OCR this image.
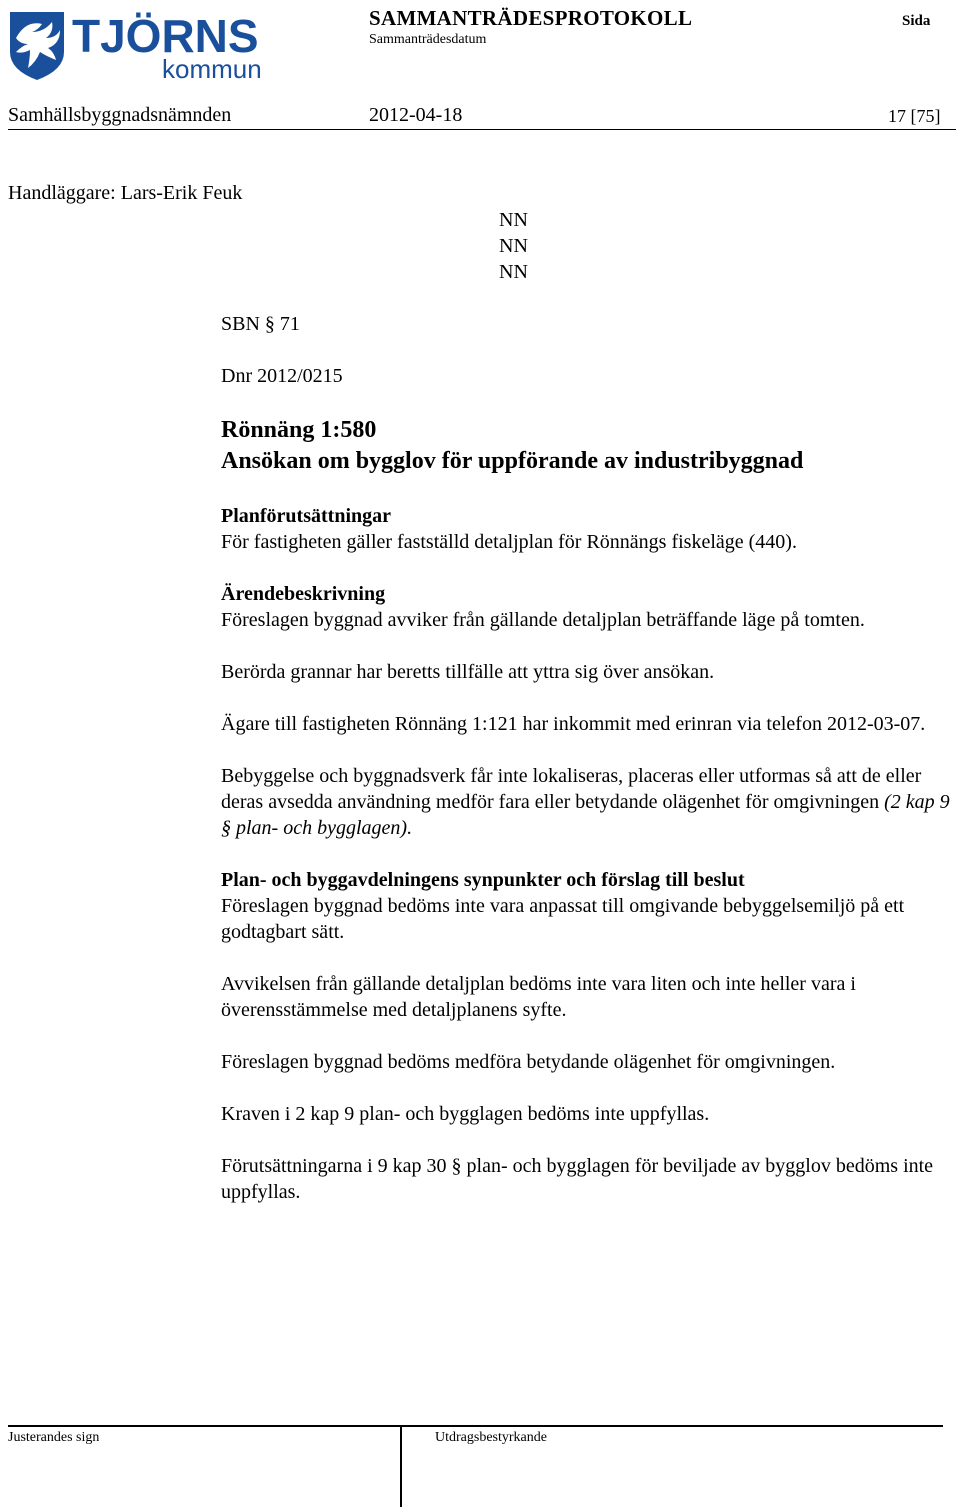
TJÖRNS
kommun
SAMMANTRÄDESPROTOKOLL
Sammanträdesdatum
Sida
Samhällsbyggnadsnämnden	2012-04-18	17 [75]
Handläggare: Lars-Erik Feuk
NN
NN
NN

SBN § 71

Dnr 2012/0215

Rönnäng 1:580

Ansökan om bygglov för uppförande av industribyggnad

Planförutsättningar

För fastigheten gäller fastställd detaljplan för Rönnängs fiskeläge (440).

Ärendebeskrivning

Föreslagen byggnad avviker från gällande detaljplan beträffande läge på tomten.

Berörda grannar har beretts tillfälle att yttra sig över ansökan.

Ägare till fastigheten Rönnäng 1:121 har inkommit med erinran via telefon 2012-03-07.

Bebyggelse och byggnadsverk får inte lokaliseras, placeras eller utformas så att de eller deras avsedda användning medför fara eller betydande olägenhet för omgivningen (2 kap 9 § plan- och bygglagen).

Plan- och byggavdelningens synpunkter och förslag till beslut

Föreslagen byggnad bedöms inte vara anpassat till omgivande bebyggelsemiljö på ett godtagbart sätt.

Avvikelsen från gällande detaljplan bedöms inte vara liten och inte heller vara i överensstämmelse med detaljplanens syfte.

Föreslagen byggnad bedöms medföra betydande olägenhet för omgivningen.

Kraven i 2 kap 9 plan- och bygglagen bedöms inte uppfyllas.

Förutsättningarna i 9 kap 30 § plan- och bygglagen för beviljade av bygglov bedöms inte uppfyllas.

Justerandes sign	Utdragsbestyrkande
